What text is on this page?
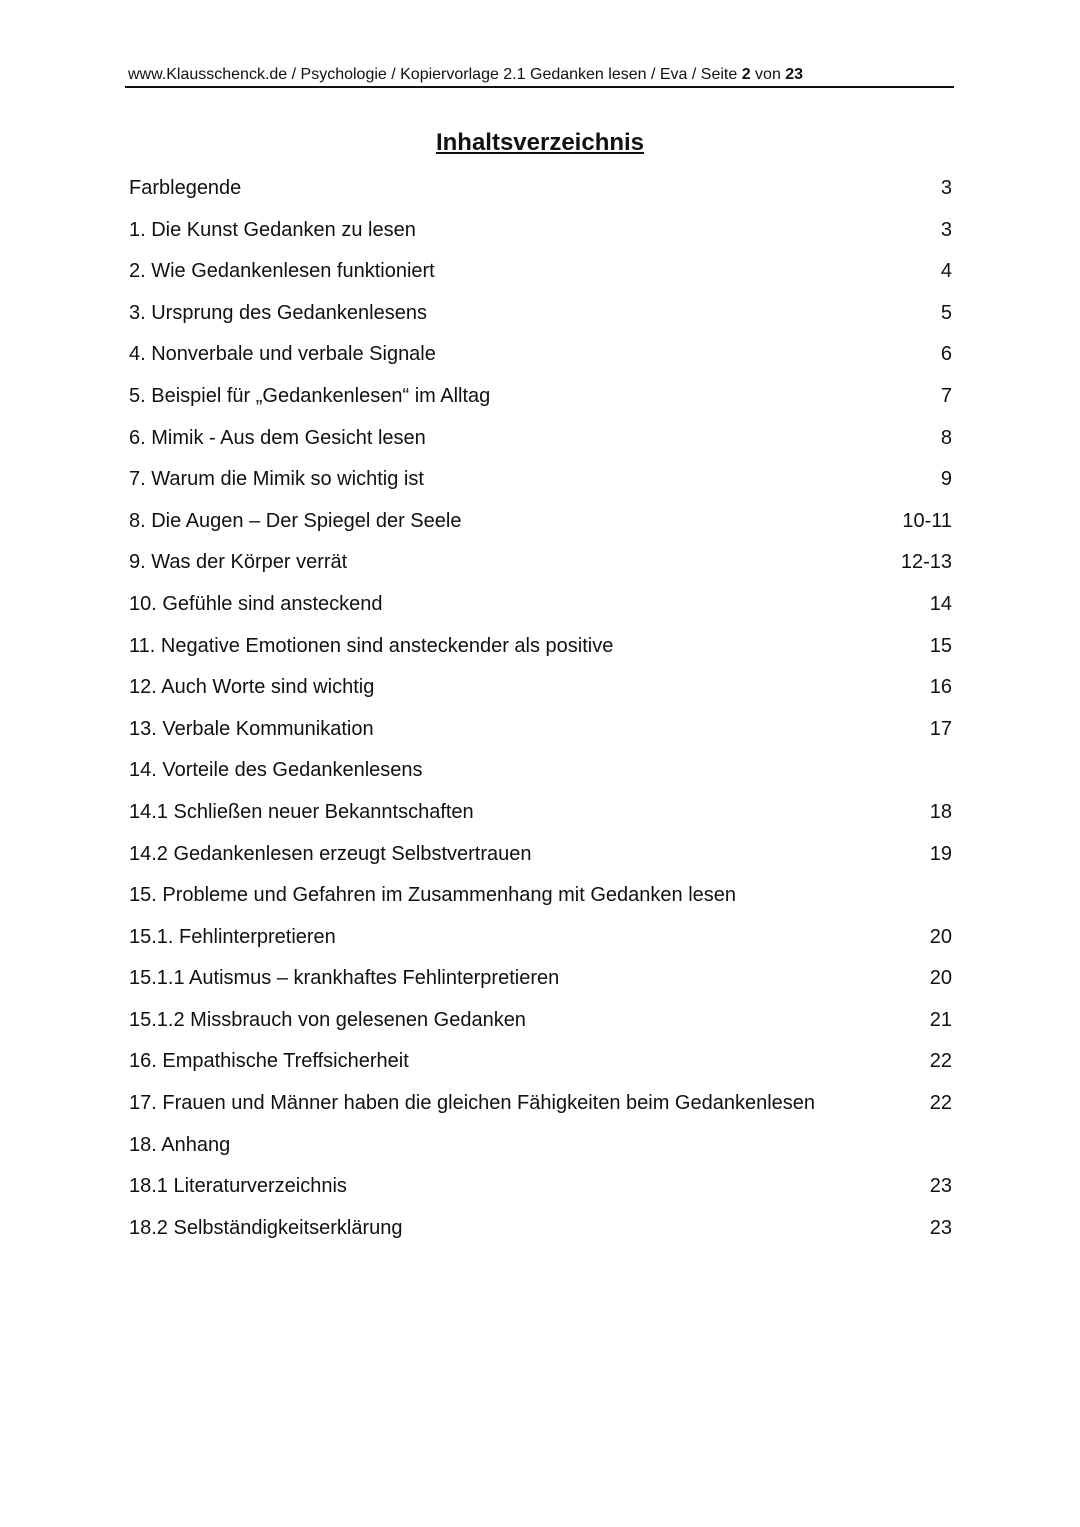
www.Klausschenck.de / Psychologie / Kopiervorlage 2.1 Gedanken lesen / Eva / Seite 2 von 23
Inhaltsverzeichnis
Farblegende	3
1. Die Kunst Gedanken zu lesen	3
2. Wie Gedankenlesen funktioniert	4
3. Ursprung des Gedankenlesens	5
4. Nonverbale und verbale Signale	6
5. Beispiel für „Gedankenlesen“ im Alltag	7
6. Mimik - Aus dem Gesicht lesen	8
7. Warum die Mimik so wichtig ist	9
8. Die Augen – Der Spiegel der Seele	10-11
9. Was der Körper verrät	12-13
10. Gefühle sind ansteckend	14
11. Negative Emotionen sind ansteckender als positive	15
12. Auch Worte sind wichtig	16
13. Verbale Kommunikation	17
14. Vorteile des Gedankenlesens
14.1 Schließen neuer Bekanntschaften	18
14.2 Gedankenlesen erzeugt Selbstvertrauen	19
15. Probleme und Gefahren im Zusammenhang mit Gedanken lesen
15.1. Fehlinterpretieren	20
15.1.1 Autismus – krankhaftes Fehlinterpretieren	20
15.1.2 Missbrauch von gelesenen Gedanken	21
16. Empathische Treffsicherheit	22
17. Frauen und Männer haben die gleichen Fähigkeiten beim Gedankenlesen	22
18. Anhang
18.1 Literaturverzeichnis	23
18.2 Selbständigkeitserklärung	23
